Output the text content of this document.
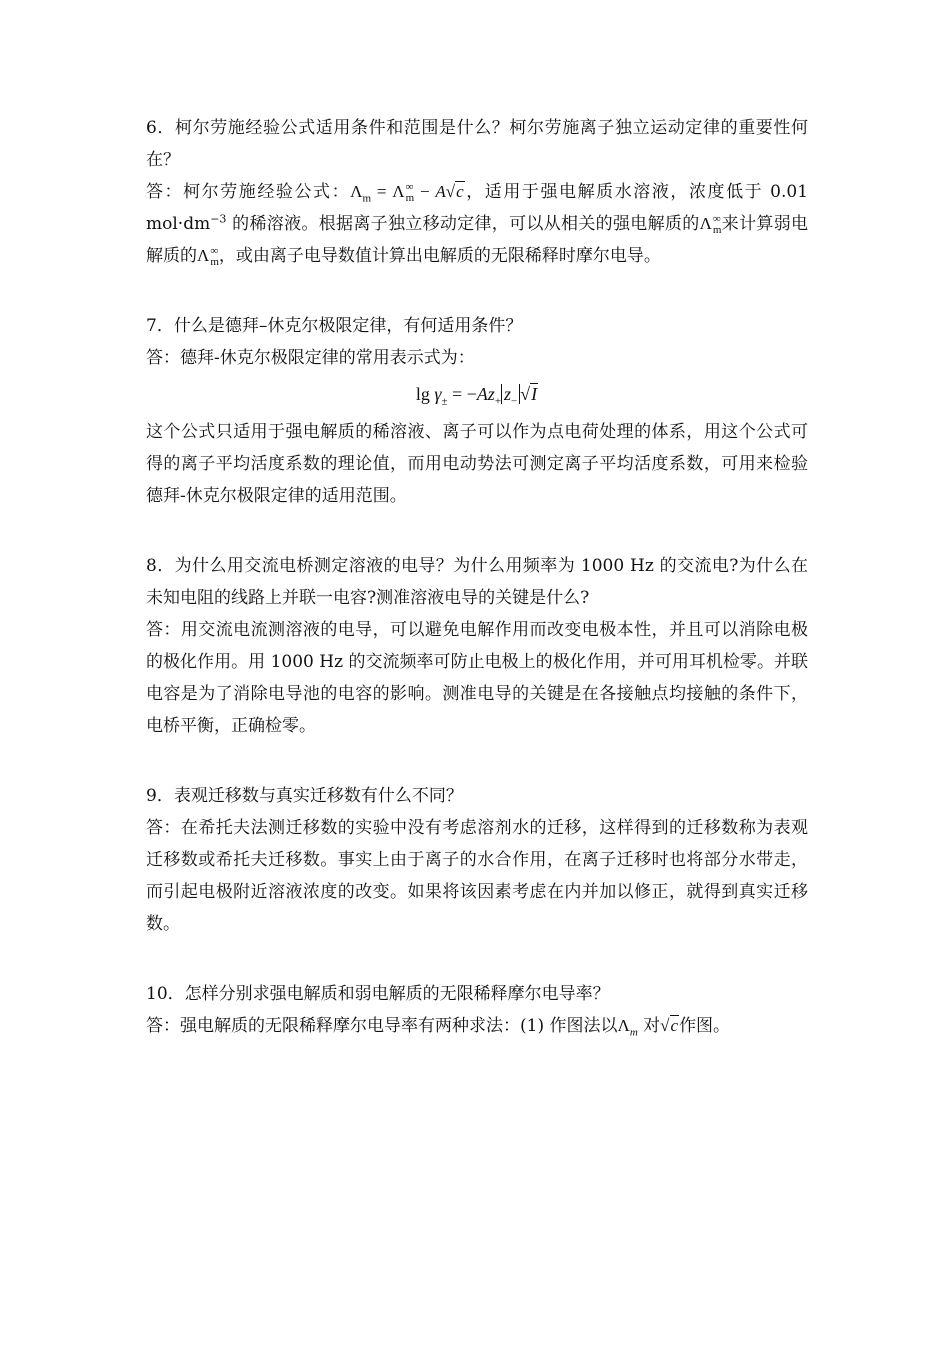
6．柯尔劳施经验公式适用条件和范围是什么？柯尔劳施离子独立运动定律的重要性何在？

答：柯尔劳施经验公式：$\Lambda_m = \Lambda$ ∞
m − A√c，适用于强电解质水溶液，浓度低于 0.01 $mol\cdot dm^{-3}$ 的稀溶液。根据离子独立移动定律，可以从相关的强电解质的Λ ∞
m 来计算弱电解质的Λ ∞
m ，或由离子电导数值计算出电解质的无限稀释时摩尔电导。

7．什么是德拜–休克尔极限定律，有何适用条件？

答：德拜-休克尔极限定律的常用表示式为：

$\lg \gamma_\pm = -Az_+$ $z_-$ √I

这个公式只适用于强电解质的稀溶液、离子可以作为点电荷处理的体系，用这个公式可得的离子平均活度系数的理论值，而用电动势法可测定离子平均活度系数，可用来检验德拜-休克尔极限定律的适用范围。

8．为什么用交流电桥测定溶液的电导？为什么用频率为 1000 Hz 的交流电?为什么在未知电阻的线路上并联一电容?测准溶液电导的关键是什么?

答：用交流电流测溶液的电导，可以避免电解作用而改变电极本性，并且可以消除电极的极化作用。用 1000 Hz 的交流频率可防止电极上的极化作用，并可用耳机检零。并联电容是为了消除电导池的电容的影响。测准电导的关键是在各接触点均接触的条件下，电桥平衡，正确检零。

9．表观迁移数与真实迁移数有什么不同？

答：在希托夫法测迁移数的实验中没有考虑溶剂水的迁移，这样得到的迁移数称为表观迁移数或希托夫迁移数。事实上由于离子的水合作用，在离子迁移时也将部分水带走，而引起电极附近溶液浓度的改变。如果将该因素考虑在内并加以修正，就得到真实迁移数。

10．怎样分别求强电解质和弱电解质的无限稀释摩尔电导率？

答：强电解质的无限稀释摩尔电导率有两种求法：(1) 作图法以$\Lambda_m$ 对√c作图。
